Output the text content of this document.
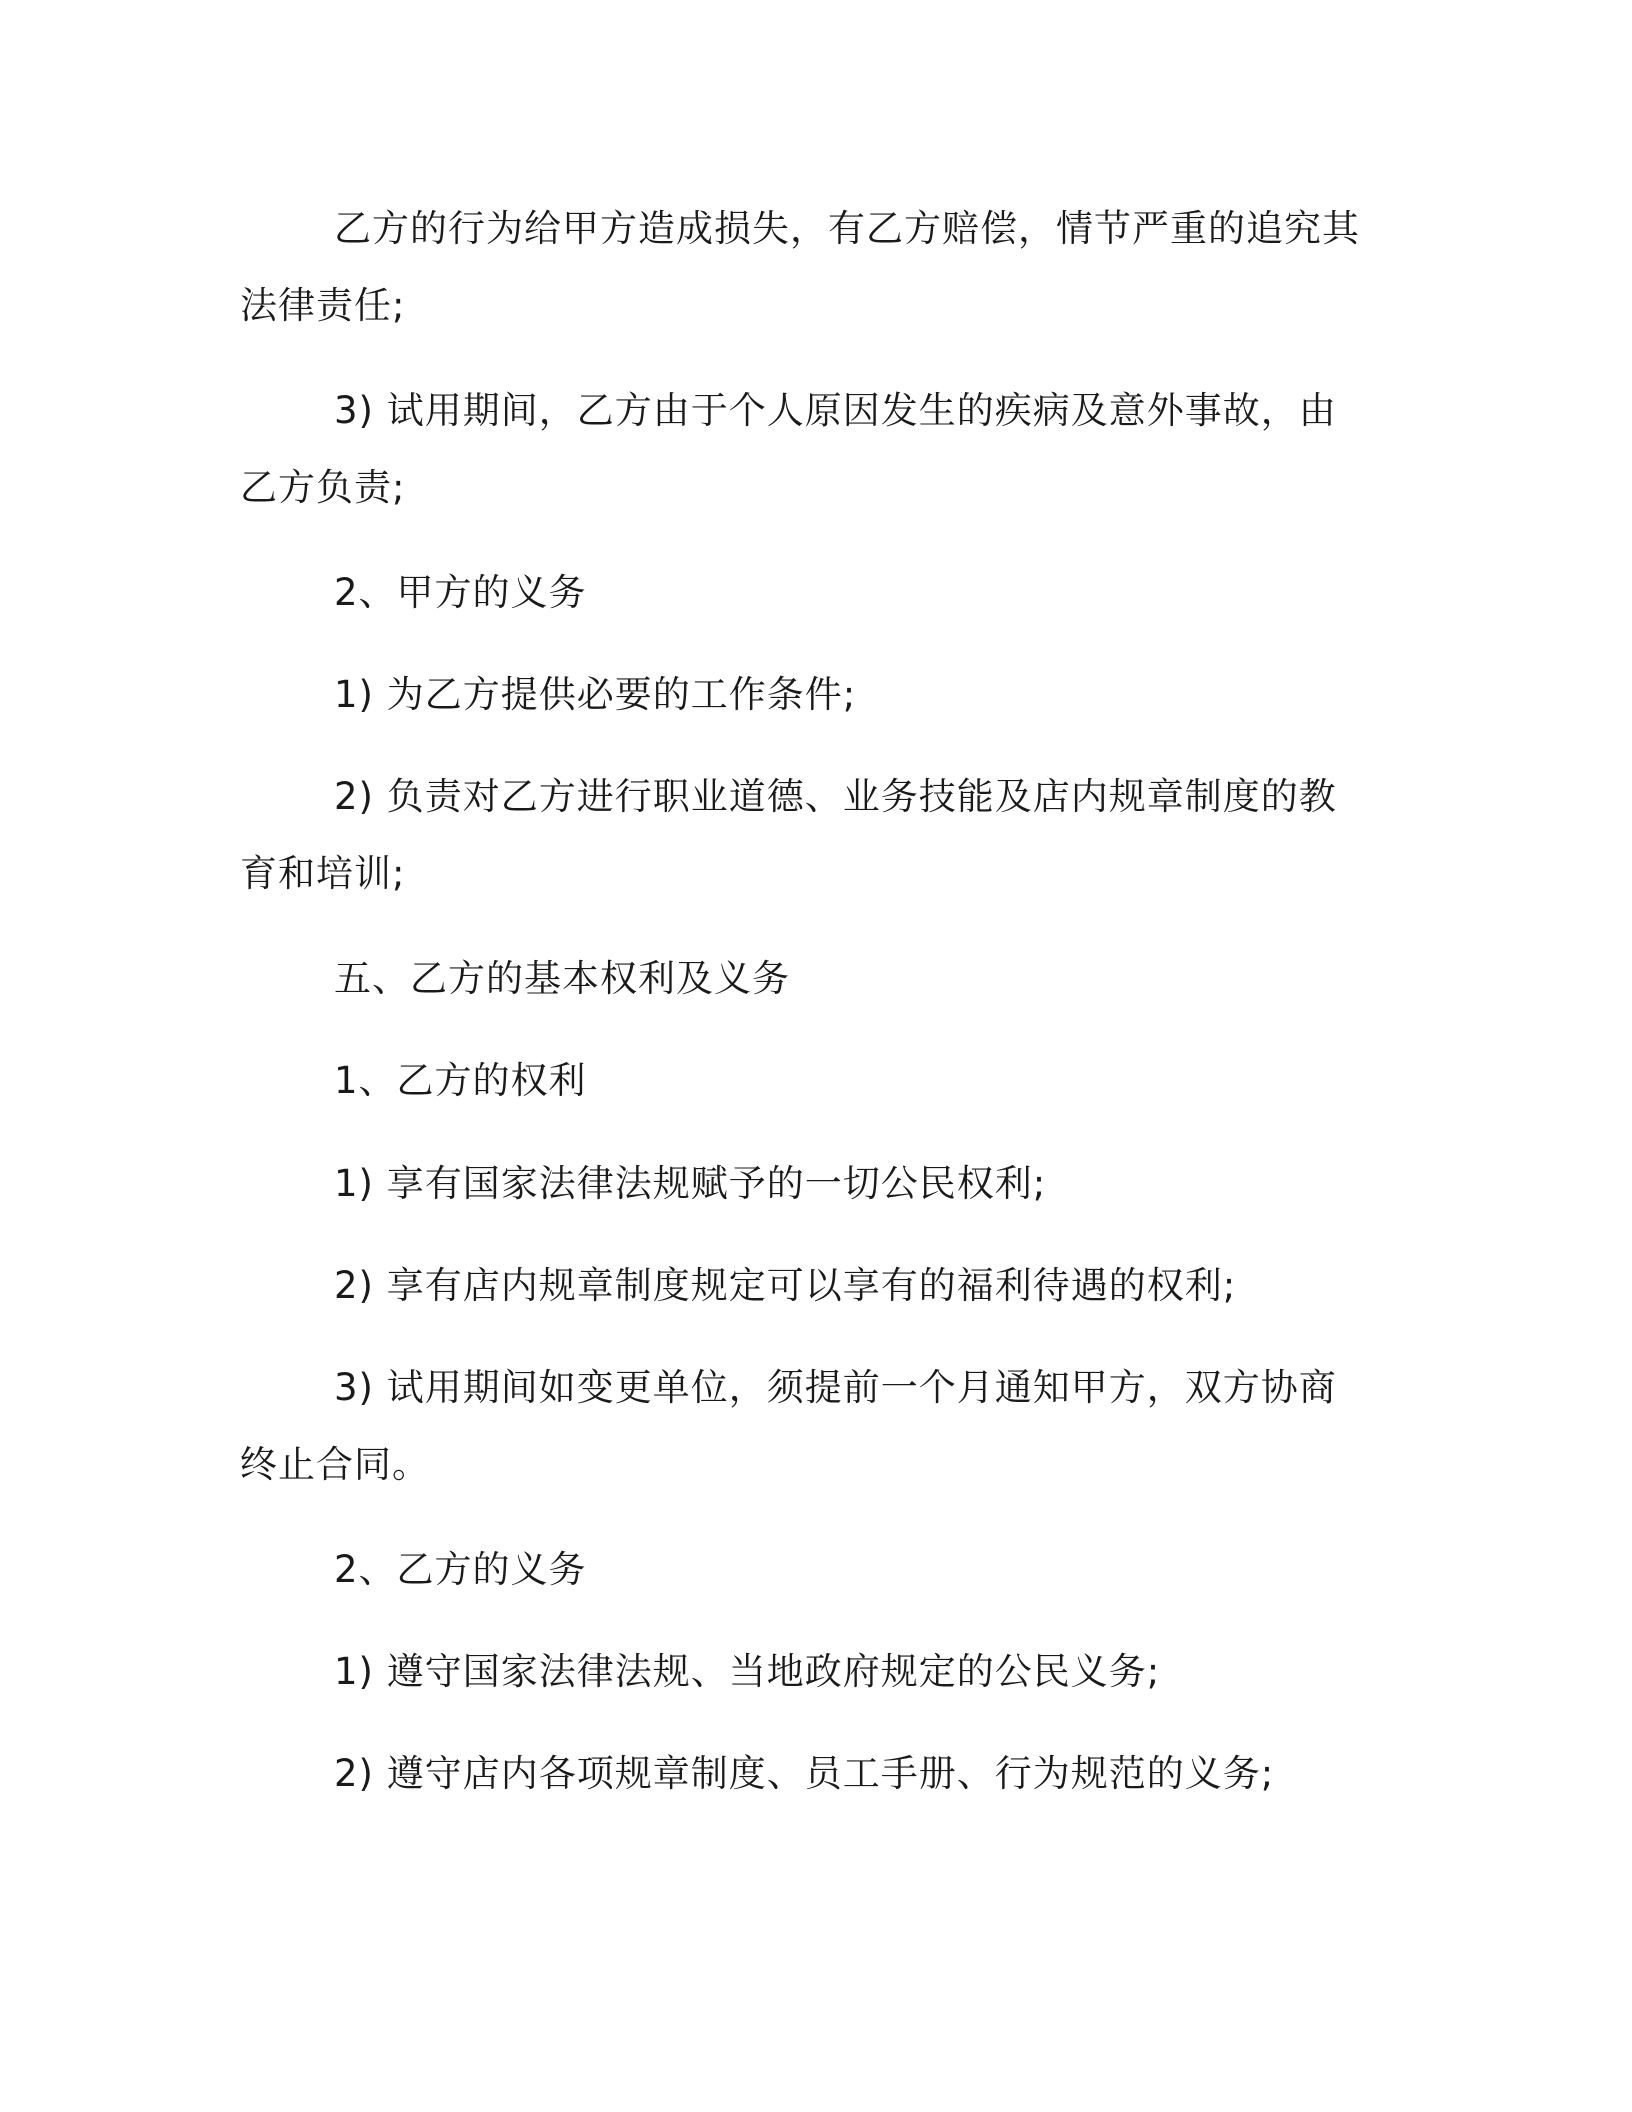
乙方的行为给甲方造成损失，有乙方赔偿，情节严重的追究其法律责任;

3) 试用期间，乙方由于个人原因发生的疾病及意外事故，由乙方负责;

2、甲方的义务

1) 为乙方提供必要的工作条件;

2) 负责对乙方进行职业道德、业务技能及店内规章制度的教育和培训;

五、乙方的基本权利及义务

1、乙方的权利

1) 享有国家法律法规赋予的一切公民权利;

2) 享有店内规章制度规定可以享有的福利待遇的权利;

3) 试用期间如变更单位，须提前一个月通知甲方，双方协商终止合同。

2、乙方的义务

1) 遵守国家法律法规、当地政府规定的公民义务;

2) 遵守店内各项规章制度、员工手册、行为规范的义务;
